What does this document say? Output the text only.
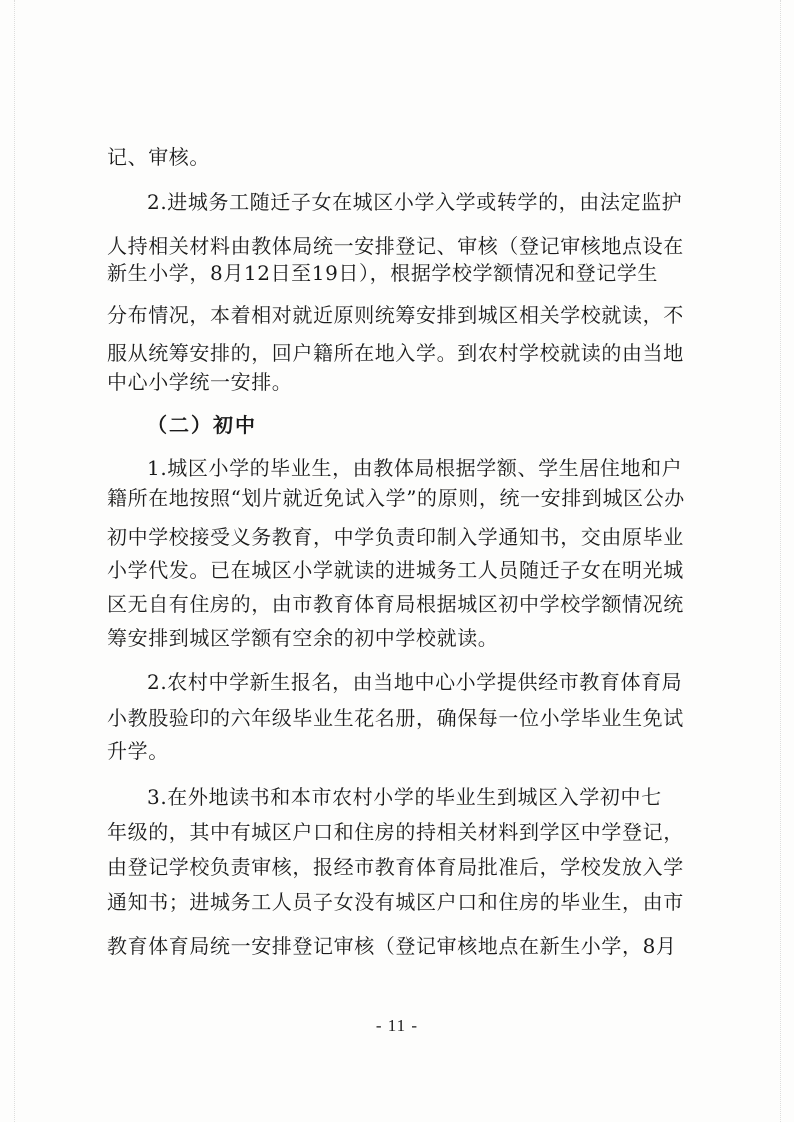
记、审核。
2.进城务工随迁子女在城区小学入学或转学的，由法定监护
人持相关材料由教体局统一安排登记、审核（登记审核地点设在
新生小学，8月12日至19日），根据学校学额情况和登记学生
分布情况，本着相对就近原则统筹安排到城区相关学校就读，不
服从统筹安排的，回户籍所在地入学。到农村学校就读的由当地
中心小学统一安排。
（二）初中
1.城区小学的毕业生，由教体局根据学额、学生居住地和户
籍所在地按照“划片就近免试入学”的原则，统一安排到城区公办
初中学校接受义务教育，中学负责印制入学通知书，交由原毕业
小学代发。已在城区小学就读的进城务工人员随迁子女在明光城
区无自有住房的，由市教育体育局根据城区初中学校学额情况统
筹安排到城区学额有空余的初中学校就读。
2.农村中学新生报名，由当地中心小学提供经市教育体育局
小教股验印的六年级毕业生花名册，确保每一位小学毕业生免试
升学。
3.在外地读书和本市农村小学的毕业生到城区入学初中七
年级的，其中有城区户口和住房的持相关材料到学区中学登记，
由登记学校负责审核，报经市教育体育局批准后，学校发放入学
通知书；进城务工人员子女没有城区户口和住房的毕业生，由市
教育体育局统一安排登记审核（登记审核地点在新生小学，8月
- 11 -
